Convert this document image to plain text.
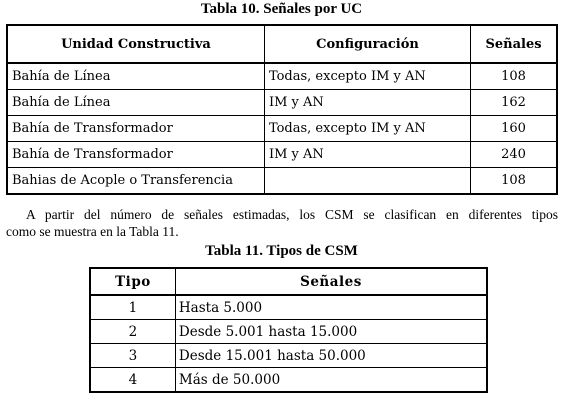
Tabla 10. Señales por UC
Unidad Constructiva	Configuración	Señales
Bahía de Línea	Todas, excepto IM y AN	108
Bahía de Línea	IM y AN	162
Bahía de Transformador	Todas, excepto IM y AN	160
Bahía de Transformador	IM y AN	240
Bahias de Acople o Transferencia		108
A partir del número de señales estimadas, los CSM se clasifican en diferentes tipos
como se muestra en la Tabla 11.
Tabla 11. Tipos de CSM
Tipo	Señales
1	Hasta 5.000
2	Desde 5.001 hasta 15.000
3	Desde 15.001 hasta 50.000
4	Más de 50.000
